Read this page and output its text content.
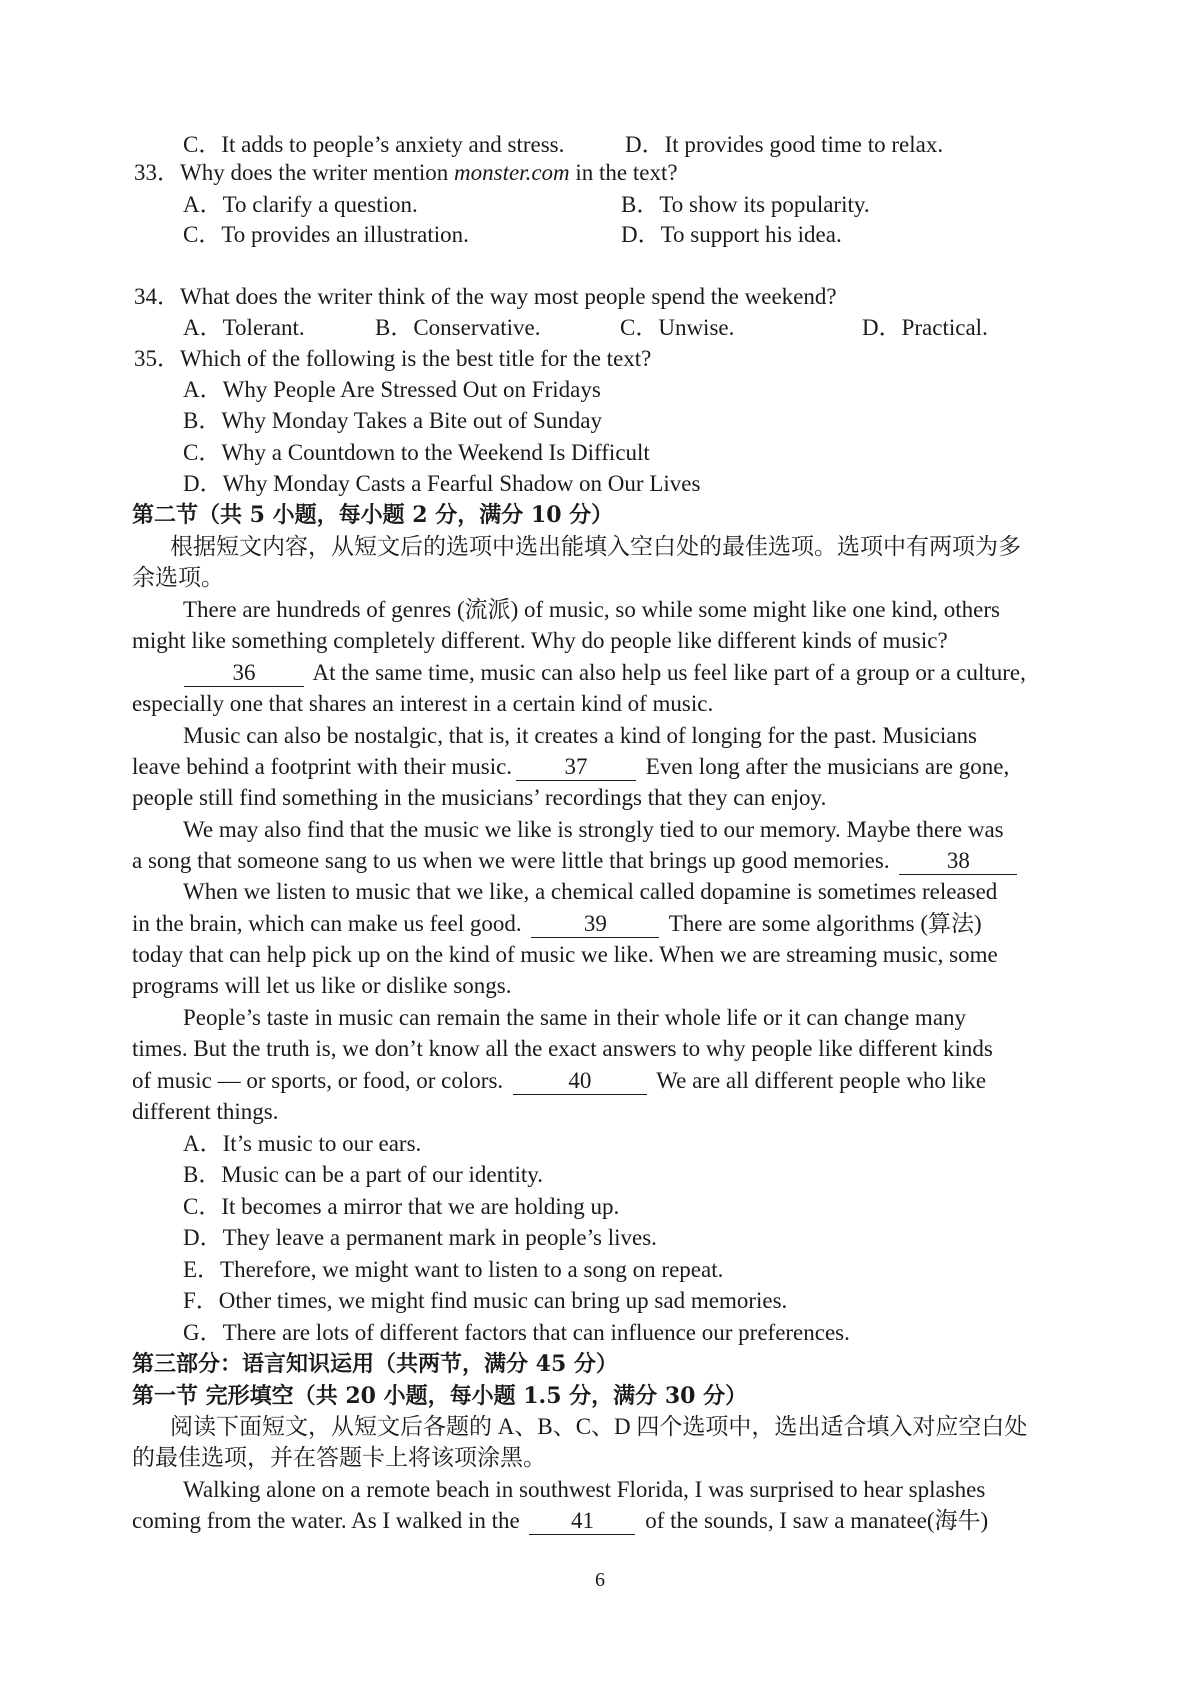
C．It adds to people’s anxiety and stress.	D．It provides good time to relax.
33．Why does the writer mention monster.com in the text?
A．To clarify a question.	B．To show its popularity.
C．To provides an illustration.	D．To support his idea.
34．What does the writer think of the way most people spend the weekend?
A．Tolerant.	B．Conservative.	C．Unwise.	D．Practical.
35．Which of the following is the best title for the text?
A．Why People Are Stressed Out on Fridays
B．Why Monday Takes a Bite out of Sunday
C．Why a Countdown to the Weekend Is Difficult
D．Why Monday Casts a Fearful Shadow on Our Lives
第二节（共 5 小题，每小题 2 分，满分 10 分）
根据短文内容，从短文后的选项中选出能填入空白处的最佳选项。选项中有两项为多
余选项。
There are hundreds of genres (流派) of music, so while some might like one kind, others
might like something completely different. Why do people like different kinds of music?
36 At the same time, music can also help us feel like part of a group or a culture,
especially one that shares an interest in a certain kind of music.
Music can also be nostalgic, that is, it creates a kind of longing for the past. Musicians
leave behind a footprint with their music. 37	Even long after the musicians are gone,
people still find something in the musicians’ recordings that they can enjoy.
We may also find that the music we like is strongly tied to our memory. Maybe there was
a song that someone sang to us when we were little that brings up good memories. 38
When we listen to music that we like, a chemical called dopamine is sometimes released
in the brain, which can make us feel good.	39	There are some algorithms (算法)
today that can help pick up on the kind of music we like. When we are streaming music, some
programs will let us like or dislike songs.
People’s taste in music can remain the same in their whole life or it can change many
times. But the truth is, we don’t know all the exact answers to why people like different kinds
of music — or sports, or food, or colors.	40	We are all different people who like
different things.
A．It’s music to our ears.
B．Music can be a part of our identity.
C．It becomes a mirror that we are holding up.
D．They leave a permanent mark in people’s lives.
E．Therefore, we might want to listen to a song on repeat.
F．Other times, we might find music can bring up sad memories.
G．There are lots of different factors that can influence our preferences.
第三部分：语言知识运用（共两节，满分 45 分）
第一节 完形填空（共 20 小题，每小题 1.5 分，满分 30 分）
阅读下面短文，从短文后各题的 A、B、C、D 四个选项中，选出适合填入对应空白处
的最佳选项，并在答题卡上将该项涂黑。
Walking alone on a remote beach in southwest Florida, I was surprised to hear splashes
coming from the water. As I walked in the 41 of the sounds, I saw a manatee(海牛)
6
